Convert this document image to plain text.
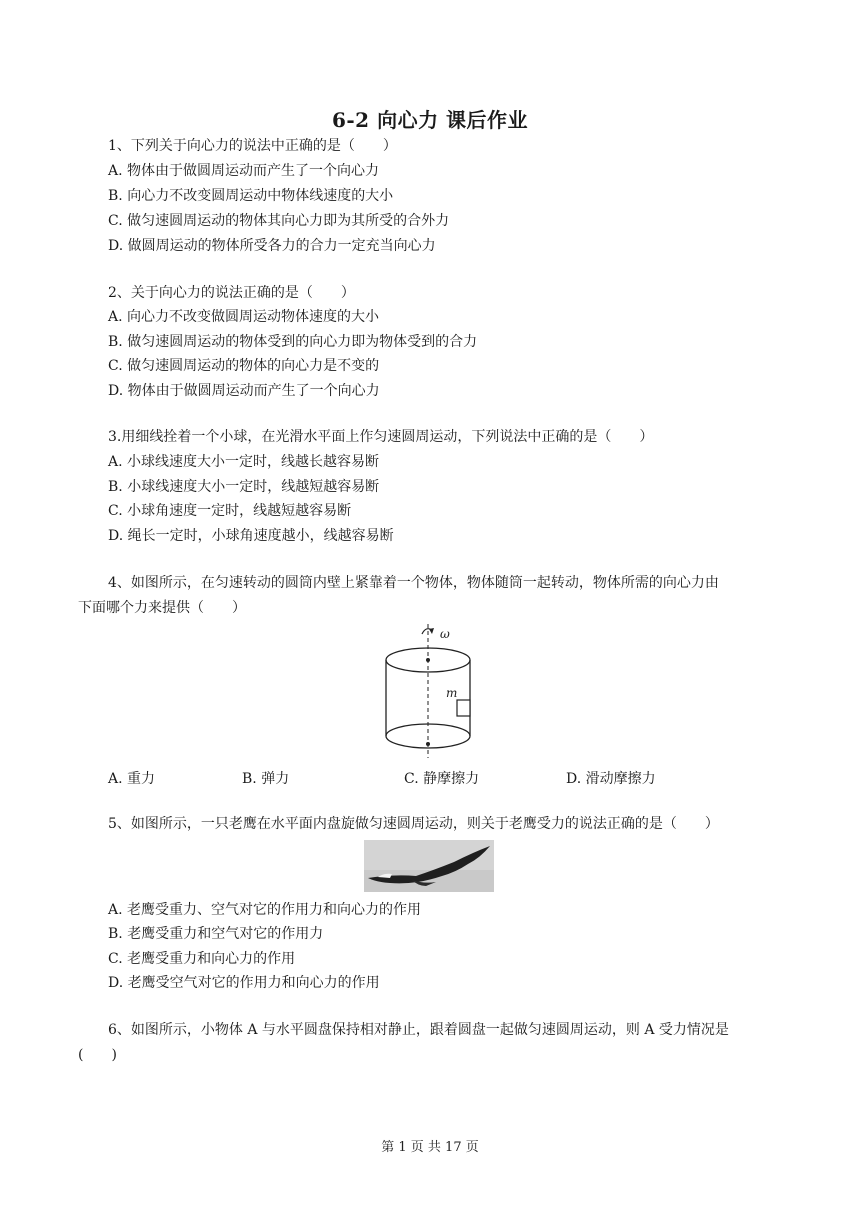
6-2 向心力 课后作业
1、下列关于向心力的说法中正确的是（　　）
A. 物体由于做圆周运动而产生了一个向心力
B. 向心力不改变圆周运动中物体线速度的大小
C. 做匀速圆周运动的物体其向心力即为其所受的合外力
D. 做圆周运动的物体所受各力的合力一定充当向心力
2、关于向心力的说法正确的是（　　）
A. 向心力不改变做圆周运动物体速度的大小
B. 做匀速圆周运动的物体受到的向心力即为物体受到的合力
C. 做匀速圆周运动的物体的向心力是不变的
D. 物体由于做圆周运动而产生了一个向心力
3.用细线拴着一个小球，在光滑水平面上作匀速圆周运动，下列说法中正确的是（　　）
A. 小球线速度大小一定时，线越长越容易断
B. 小球线速度大小一定时，线越短越容易断
C. 小球角速度一定时，线越短越容易断
D. 绳长一定时，小球角速度越小，线越容易断
4、如图所示，在匀速转动的圆筒内壁上紧靠着一个物体，物体随筒一起转动，物体所需的向心力由
下面哪个力来提供（　　）
ω
m
A. 重力	B. 弹力	C. 静摩擦力	D. 滑动摩擦力
5、如图所示，一只老鹰在水平面内盘旋做匀速圆周运动，则关于老鹰受力的说法正确的是（　　）
A. 老鹰受重力、空气对它的作用力和向心力的作用
B. 老鹰受重力和空气对它的作用力
C. 老鹰受重力和向心力的作用
D. 老鹰受空气对它的作用力和向心力的作用
6、如图所示，小物体 A 与水平圆盘保持相对静止，跟着圆盘一起做匀速圆周运动，则 A 受力情况是
(　　)
第 1 页 共 17 页
